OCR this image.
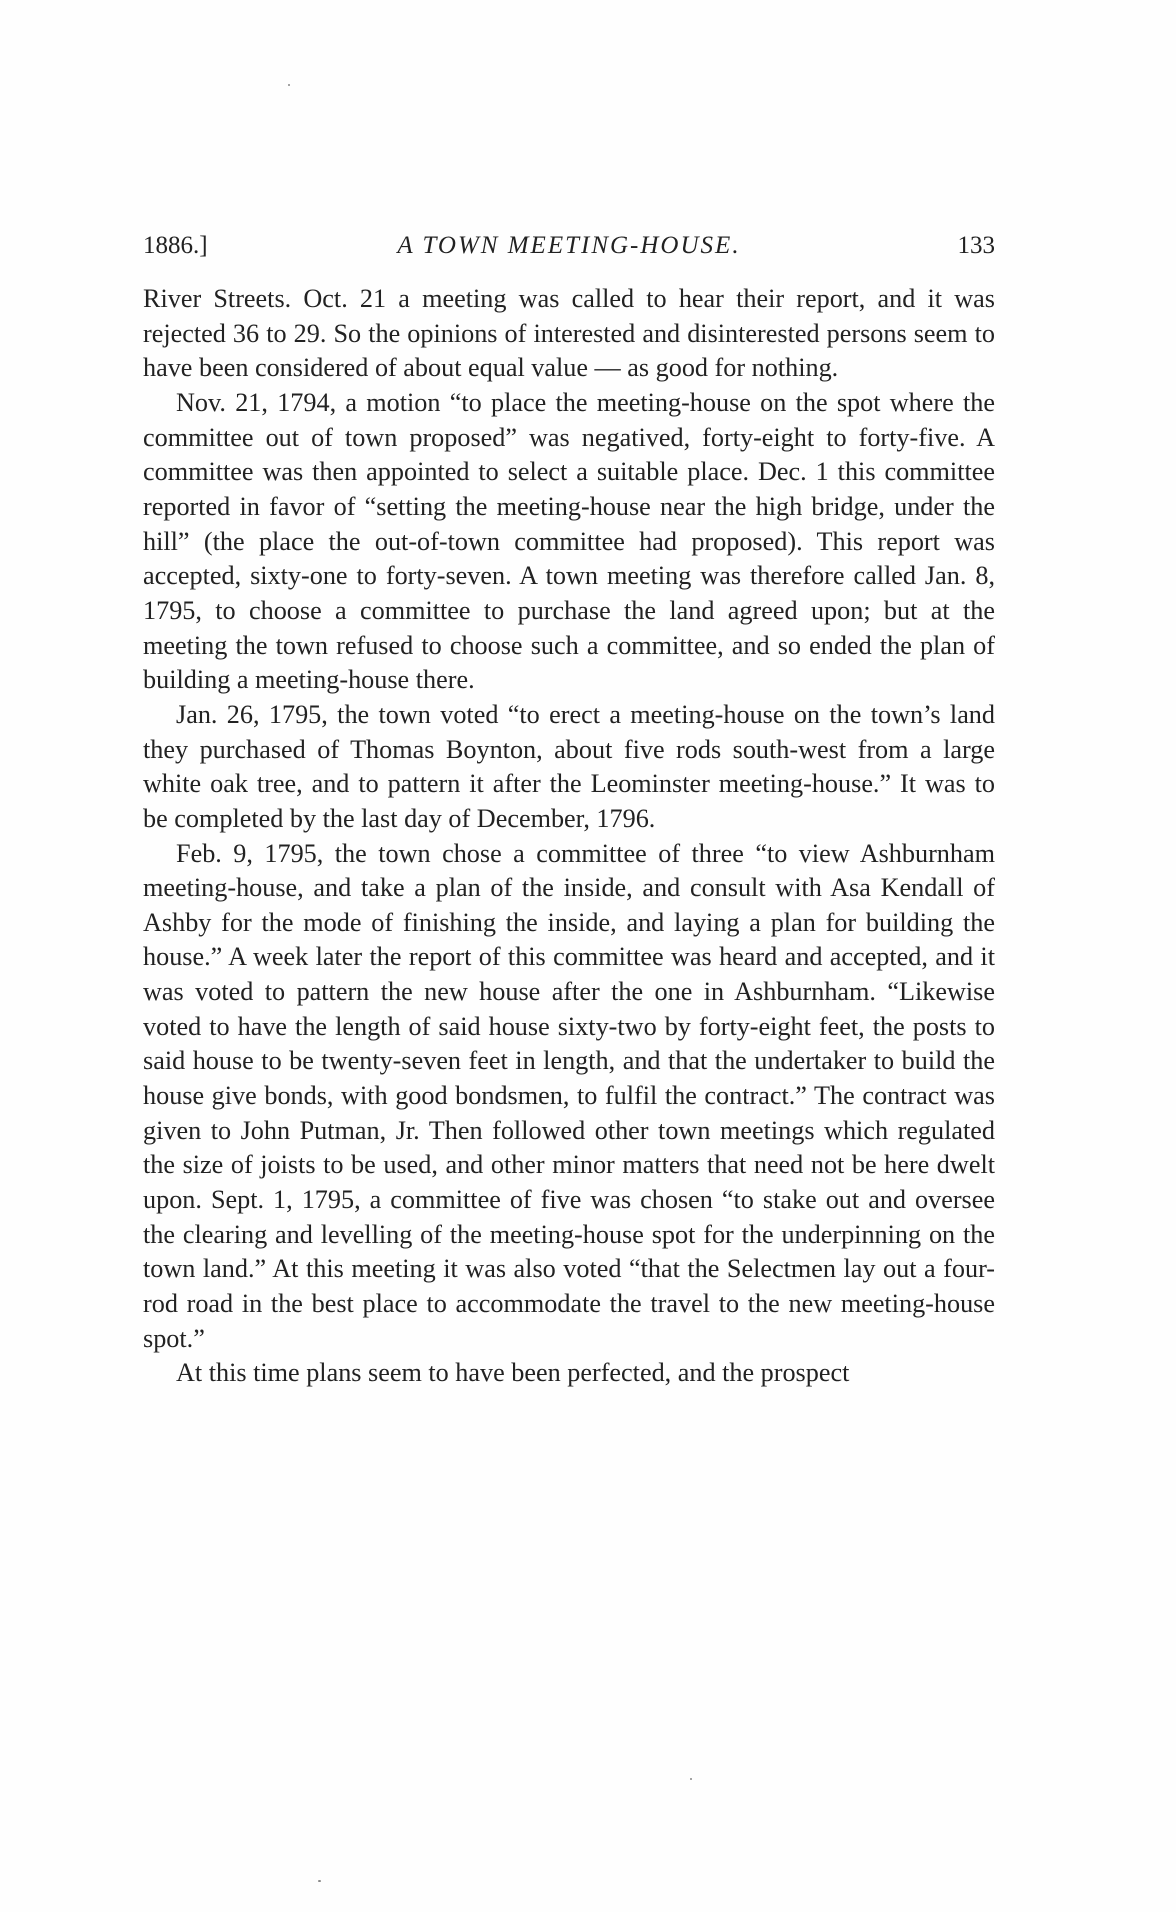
1886.]	A TOWN MEETING-HOUSE.	133

River Streets. Oct. 21 a meeting was called to hear their report, and it was rejected 36 to 29. So the opinions of interested and disinterested persons seem to have been considered of about equal value — as good for nothing.

Nov. 21, 1794, a motion “to place the meeting-house on the spot where the committee out of town proposed” was negatived, forty-eight to forty-five. A committee was then appointed to select a suitable place. Dec. 1 this committee reported in favor of “setting the meeting-house near the high bridge, under the hill” (the place the out-of-town committee had proposed). This report was accepted, sixty-one to forty-seven. A town meeting was therefore called Jan. 8, 1795, to choose a committee to purchase the land agreed upon; but at the meeting the town refused to choose such a committee, and so ended the plan of building a meeting-house there.

Jan. 26, 1795, the town voted “to erect a meeting-house on the town’s land they purchased of Thomas Boynton, about five rods south-west from a large white oak tree, and to pattern it after the Leominster meeting-house.” It was to be completed by the last day of December, 1796.

Feb. 9, 1795, the town chose a committee of three “to view Ashburnham meeting-house, and take a plan of the inside, and consult with Asa Kendall of Ashby for the mode of finishing the inside, and laying a plan for building the house.” A week later the report of this committee was heard and accepted, and it was voted to pattern the new house after the one in Ashburnham. “Likewise voted to have the length of said house sixty-two by forty-eight feet, the posts to said house to be twenty-seven feet in length, and that the undertaker to build the house give bonds, with good bondsmen, to fulfil the contract.” The contract was given to John Putman, Jr. Then followed other town meetings which regulated the size of joists to be used, and other minor matters that need not be here dwelt upon. Sept. 1, 1795, a committee of five was chosen “to stake out and oversee the clearing and levelling of the meeting-house spot for the underpinning on the town land.” At this meeting it was also voted “that the Selectmen lay out a four-rod road in the best place to accommodate the travel to the new meeting-house spot.”

At this time plans seem to have been perfected, and the prospect
